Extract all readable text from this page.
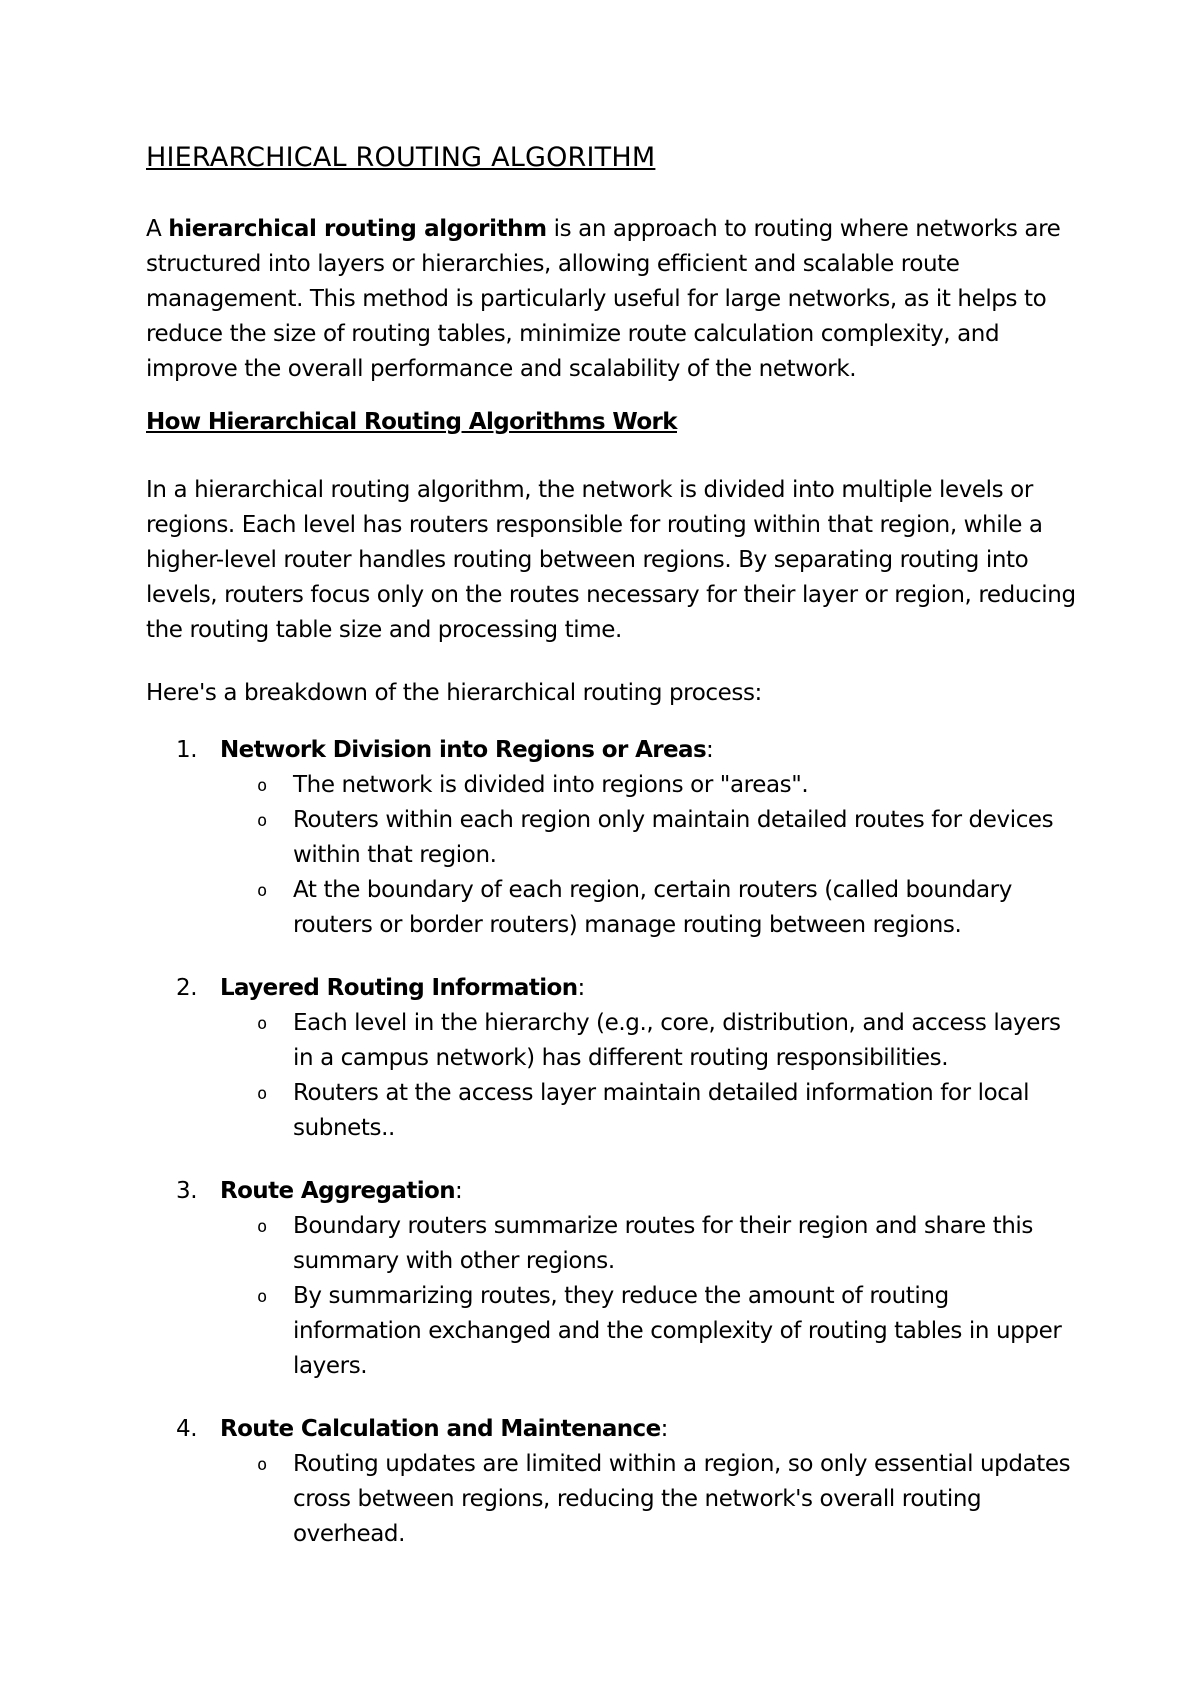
HIERARCHICAL ROUTING ALGORITHM

A hierarchical routing algorithm is an approach to routing where networks are structured into layers or hierarchies, allowing efficient and scalable route management. This method is particularly useful for large networks, as it helps to reduce the size of routing tables, minimize route calculation complexity, and improve the overall performance and scalability of the network.

How Hierarchical Routing Algorithms Work

In a hierarchical routing algorithm, the network is divided into multiple levels or regions. Each level has routers responsible for routing within that region, while a higher-level router handles routing between regions. By separating routing into levels, routers focus only on the routes necessary for their layer or region, reducing the routing table size and processing time.

Here's a breakdown of the hierarchical routing process:

1. Network Division into Regions or Areas:
o The network is divided into regions or "areas".
o Routers within each region only maintain detailed routes for devices within that region.
o At the boundary of each region, certain routers (called boundary routers or border routers) manage routing between regions.
2. Layered Routing Information:
o Each level in the hierarchy (e.g., core, distribution, and access layers in a campus network) has different routing responsibilities.
o Routers at the access layer maintain detailed information for local subnets..
3. Route Aggregation:
o Boundary routers summarize routes for their region and share this summary with other regions.
o By summarizing routes, they reduce the amount of routing information exchanged and the complexity of routing tables in upper layers.
4. Route Calculation and Maintenance:
o Routing updates are limited within a region, so only essential updates cross between regions, reducing the network's overall routing overhead.
